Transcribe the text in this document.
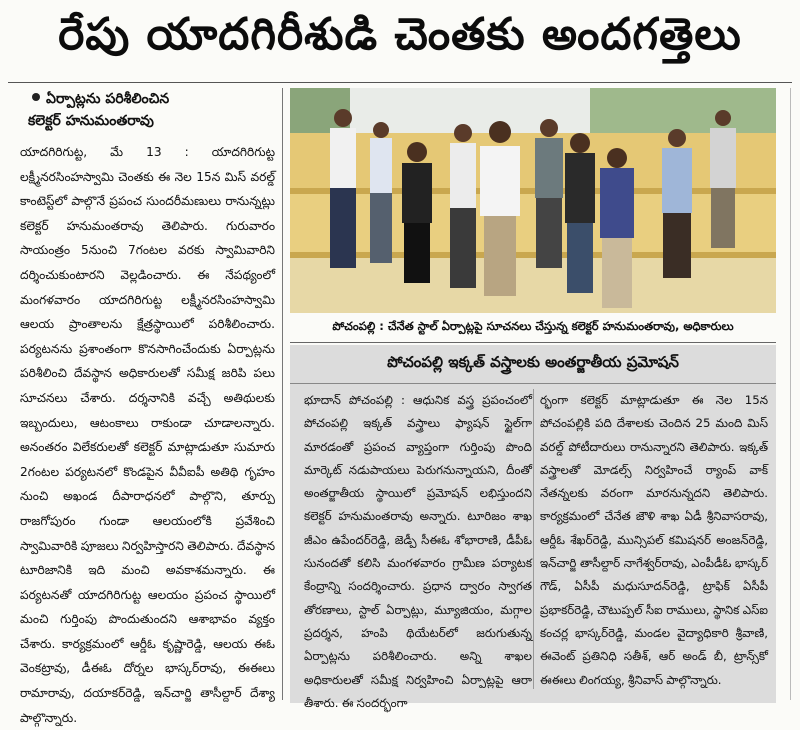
రేపు యాదగిరీశుడి చెంతకు అందగత్తెలు
ఏర్పాట్లను పరిశీలించిన
కలెక్టర్ హనుమంతరావు
యాదగిరిగుట్ట, మే 13 : యాదగిరిగుట్ట లక్ష్మీనరసింహస్వామి చెంతకు ఈ నెల 15న మిస్ వరల్డ్ కాంటెస్ట్‌లో పాల్గొనే ప్రపంచ సుందరీమణులు రానున్నట్లు కలెక్టర్ హనుమంతరావు తెలిపారు. గురువారం సాయంత్రం 5నుంచి 7గంటల వరకు స్వామివారిని దర్శించుకుంటారని వెల్లడించారు. ఈ నేపథ్యంలో మంగళవారం యాదగిరిగుట్ట లక్ష్మీనరసింహస్వామి ఆలయ ప్రాంతాలను క్షేత్రస్థాయిలో పరిశీలించారు. పర్యటనను ప్రశాంతంగా కొనసాగించేందుకు ఏర్పాట్లను పరిశీలించి దేవస్థాన అధికారులతో సమీక్ష జరిపి పలు సూచనలు చేశారు. దర్శనానికి వచ్చే అతిథులకు ఇబ్బందులు, ఆటంకాలు రాకుండా చూడాలన్నారు. అనంతరం విలేకరులతో కలెక్టర్ మాట్లాడుతూ సుమారు 2గంటల పర్యటనలో కొండపైన వీవీఐపీ అతిథి గృహం నుంచి అఖండ దీపారాధనలో పాల్గొని, తూర్పు రాజగోపురం గుండా ఆలయంలోకి ప్రవేశించి స్వామివారికి పూజలు నిర్వహిస్తారని తెలిపారు. దేవస్థాన టూరిజానికి ఇది మంచి అవకాశమన్నారు. ఈ పర్యటనతో యాదగిరిగుట్ట ఆలయం ప్రపంచ స్థాయిలో మంచి గుర్తింపు పొందుతుందని ఆశాభావం వ్యక్తం చేశారు. కార్యక్రమంలో ఆర్డీఓ కృష్ణారెడ్డి, ఆలయ ఈఓ వెంకట్రావు, డీఈఓ దోర్నల భాస్కర్‌రావు, ఈఈలు రామారావు, దయాకర్‌రెడ్డి, ఇన్‌చార్జి తాసీల్దార్ దేశ్యా పాల్గొన్నారు.
పోచంపల్లి : చేనేత స్టాల్ ఏర్పాట్లపై సూచనలు చేస్తున్న కలెక్టర్ హనుమంతరావు, అధికారులు
పోచంపల్లి ఇక్కత్ వస్త్రాలకు అంతర్జాతీయ ప్రమోషన్
భూదాన్ పోచంపల్లి : ఆధునిక వస్త్ర ప్రపంచంలో పోచంపల్లి ఇక్కత్ వస్త్రాలు ఫ్యాషన్ స్టైల్‌గా మారడంతో ప్రపంచ వ్యాప్తంగా గుర్తింపు పొంది మార్కెట్ నడుపాయలు పెరుగనున్నాయని, దీంతో అంతర్జాతీయ స్థాయిలో ప్రమోషన్ లభిస్తుందని కలెక్టర్ హనుమంతరావు అన్నారు. టూరిజం శాఖ జీఎం ఉపేందర్‌రెడ్డి, జెడ్పీ సీఈఓ శోభారాణి, డీపీఓ సునందతో కలిసి మంగళవారం గ్రామీణ పర్యాటక కేంద్రాన్ని సందర్శించారు. ప్రధాన ద్వారం స్వాగత తోరణాలు, స్టాల్ ఏర్పాట్లు, మ్యూజియం, మగ్గాల ప్రదర్శన, హంపి థియేటర్‌లో జరుగుతున్న ఏర్పాట్లను పరిశీలించారు. అన్ని శాఖల అధికారులతో సమీక్ష నిర్వహించి ఏర్పాట్లపై ఆరా తీశారు. ఈ సందర్భంగా
ర్భంగా కలెక్టర్ మాట్లాడుతూ ఈ నెల 15న పోచంపల్లికి పది దేశాలకు చెందిన 25 మంది మిస్ వరల్డ్ పోటీదారులు రానున్నారని తెలిపారు. ఇక్కత్ వస్త్రాలతో మోడల్స్ నిర్వహించే ర్యాంప్ వాక్ నేతన్నలకు వరంగా మారనున్నదని తెలిపారు. కార్యక్రమంలో చేనేత జౌళి శాఖ ఏడీ శ్రీనివాసరావు, ఆర్డీఓ శేఖర్‌రెడ్డి, మున్సిపల్ కమిషనర్ అంజన్‌రెడ్డి, ఇన్‌చార్జి తాసీల్దార్ నాగేశ్వర్‌రావు, ఎంపీడీఓ భాస్కర్ గౌడ్, ఏసీపీ మధుసూదన్‌రెడ్డి, ట్రాఫిక్ ఏసీపీ ప్రభాకర్‌రెడ్డి, చౌటుప్పల్ సీఐ రాములు, స్థానిక ఎస్ఐ కంచర్ల భాస్కర్‌రెడ్డి, మండల వైద్యాధికారి శ్రీవాణి, ఈవెంట్ ప్రతినిధి సతీశ్, ఆర్ అండ్ బీ, ట్రాన్స్‌కో ఈఈలు లింగయ్య, శ్రీనివాస్ పాల్గొన్నారు.
